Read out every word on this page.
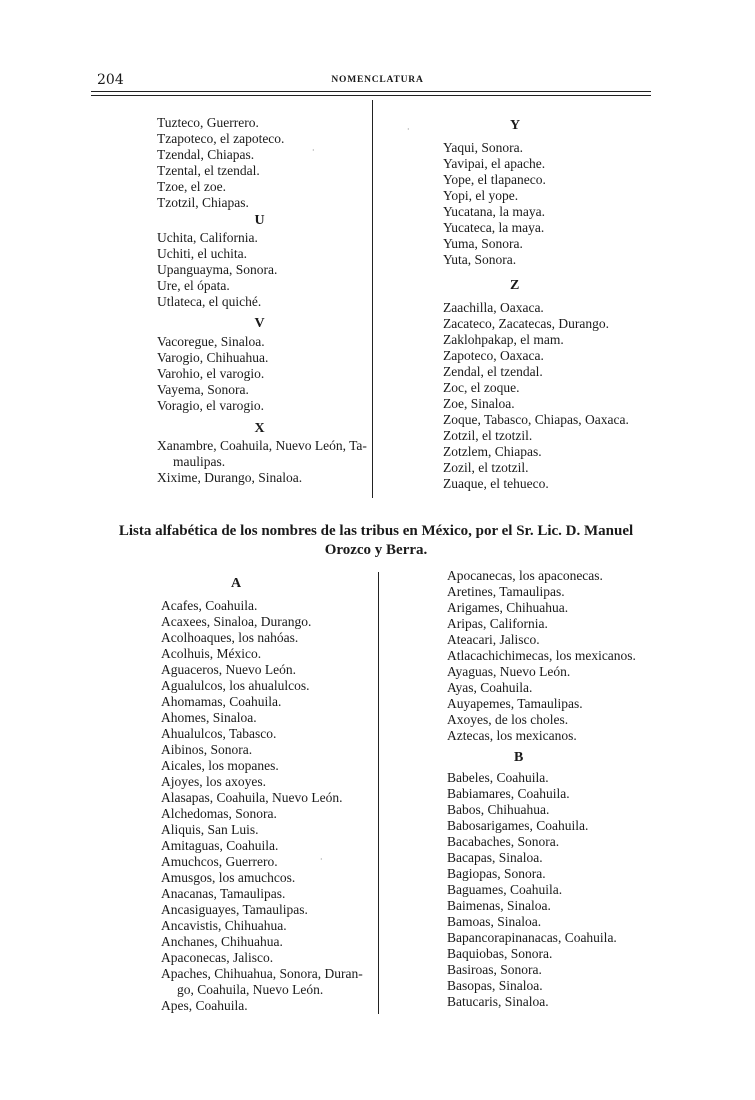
204	NOMENCLATURA
Tuzteco, Guerrero.
Tzapoteco, el zapoteco.
Tzendal, Chiapas.
Tzental, el tzendal.
Tzoe, el zoe.
Tzotzil, Chiapas.
U
Uchita, California.
Uchiti, el uchita.
Upanguayma, Sonora.
Ure, el ópata.
Utlateca, el quiché.
V
Vacoregue, Sinaloa.
Varogio, Chihuahua.
Varohio, el varogio.
Vayema, Sonora.
Voragio, el varogio.
X
Xanambre, Coahuila, Nuevo León, Ta-
maulipas.
Xixime, Durango, Sinaloa.
Y
Yaqui, Sonora.
Yavipai, el apache.
Yope, el tlapaneco.
Yopi, el yope.
Yucatana, la maya.
Yucateca, la maya.
Yuma, Sonora.
Yuta, Sonora.
Z
Zaachilla, Oaxaca.
Zacateco, Zacatecas, Durango.
Zaklohpakap, el mam.
Zapoteco, Oaxaca.
Zendal, el tzendal.
Zoc, el zoque.
Zoe, Sinaloa.
Zoque, Tabasco, Chiapas, Oaxaca.
Zotzil, el tzotzil.
Zotzlem, Chiapas.
Zozil, el tzotzil.
Zuaque, el tehueco.
Lista alfabética de los nombres de las tribus en México, por el Sr. Lic. D. Manuel
Orozco y Berra.
A
Acafes, Coahuila.
Acaxees, Sinaloa, Durango.
Acolhoaques, los nahóas.
Acolhuis, México.
Aguaceros, Nuevo León.
Agualulcos, los ahualulcos.
Ahomamas, Coahuila.
Ahomes, Sinaloa.
Ahualulcos, Tabasco.
Aibinos, Sonora.
Aicales, los mopanes.
Ajoyes, los axoyes.
Alasapas, Coahuila, Nuevo León.
Alchedomas, Sonora.
Aliquis, San Luis.
Amitaguas, Coahuila.
Amuchcos, Guerrero.
Amusgos, los amuchcos.
Anacanas, Tamaulipas.
Ancasiguayes, Tamaulipas.
Ancavistis, Chihuahua.
Anchanes, Chihuahua.
Apaconecas, Jalisco.
Apaches, Chihuahua, Sonora, Duran-
go, Coahuila, Nuevo León.
Apes, Coahuila.
Apocanecas, los apaconecas.
Aretines, Tamaulipas.
Arigames, Chihuahua.
Aripas, California.
Ateacari, Jalisco.
Atlacachichimecas, los mexicanos.
Ayaguas, Nuevo León.
Ayas, Coahuila.
Auyapemes, Tamaulipas.
Axoyes, de los choles.
Aztecas, los mexicanos.
B
Babeles, Coahuila.
Babiamares, Coahuila.
Babos, Chihuahua.
Babosarigames, Coahuila.
Bacabaches, Sonora.
Bacapas, Sinaloa.
Bagiopas, Sonora.
Baguames, Coahuila.
Baimenas, Sinaloa.
Bamoas, Sinaloa.
Bapancorapinanacas, Coahuila.
Baquiobas, Sonora.
Basiroas, Sonora.
Basopas, Sinaloa.
Batucaris, Sinaloa.
·
·
·
